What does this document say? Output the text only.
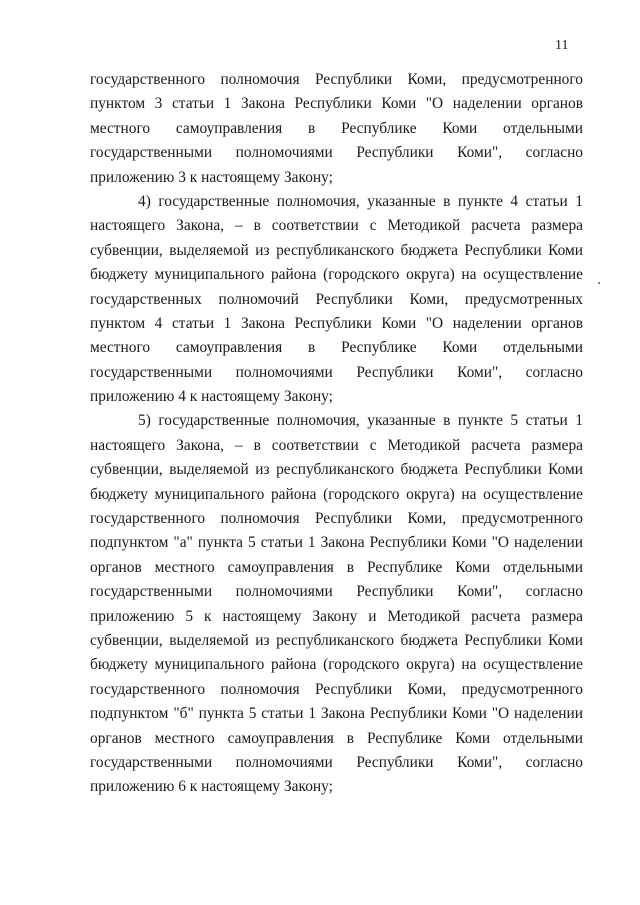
11
государственного полномочия Республики Коми, предусмотренного
пунктом 3 статьи 1 Закона Республики Коми "О наделении органов
местного самоуправления в Республике Коми отдельными
государственными полномочиями Республики Коми", согласно
приложению 3 к настоящему Закону;
4) государственные полномочия, указанные в пункте 4 статьи 1
настоящего Закона, – в соответствии с Методикой расчета размера
субвенции, выделяемой из республиканского бюджета Республики Коми
бюджету муниципального района (городского округа) на осуществление
государственных полномочий Республики Коми, предусмотренных
пунктом 4 статьи 1 Закона Республики Коми "О наделении органов
местного самоуправления в Республике Коми отдельными
государственными полномочиями Республики Коми", согласно
приложению 4 к настоящему Закону;
5) государственные полномочия, указанные в пункте 5 статьи 1
настоящего Закона, – в соответствии с Методикой расчета размера
субвенции, выделяемой из республиканского бюджета Республики Коми
бюджету муниципального района (городского округа) на осуществление
государственного полномочия Республики Коми, предусмотренного
подпунктом "а" пункта 5 статьи 1 Закона Республики Коми "О наделении
органов местного самоуправления в Республике Коми отдельными
государственными полномочиями Республики Коми", согласно
приложению 5 к настоящему Закону и Методикой расчета размера
субвенции, выделяемой из республиканского бюджета Республики Коми
бюджету муниципального района (городского округа) на осуществление
государственного полномочия Республики Коми, предусмотренного
подпунктом "б" пункта 5 статьи 1 Закона Республики Коми "О наделении
органов местного самоуправления в Республике Коми отдельными
государственными полномочиями Республики Коми", согласно
приложению 6 к настоящему Закону;
